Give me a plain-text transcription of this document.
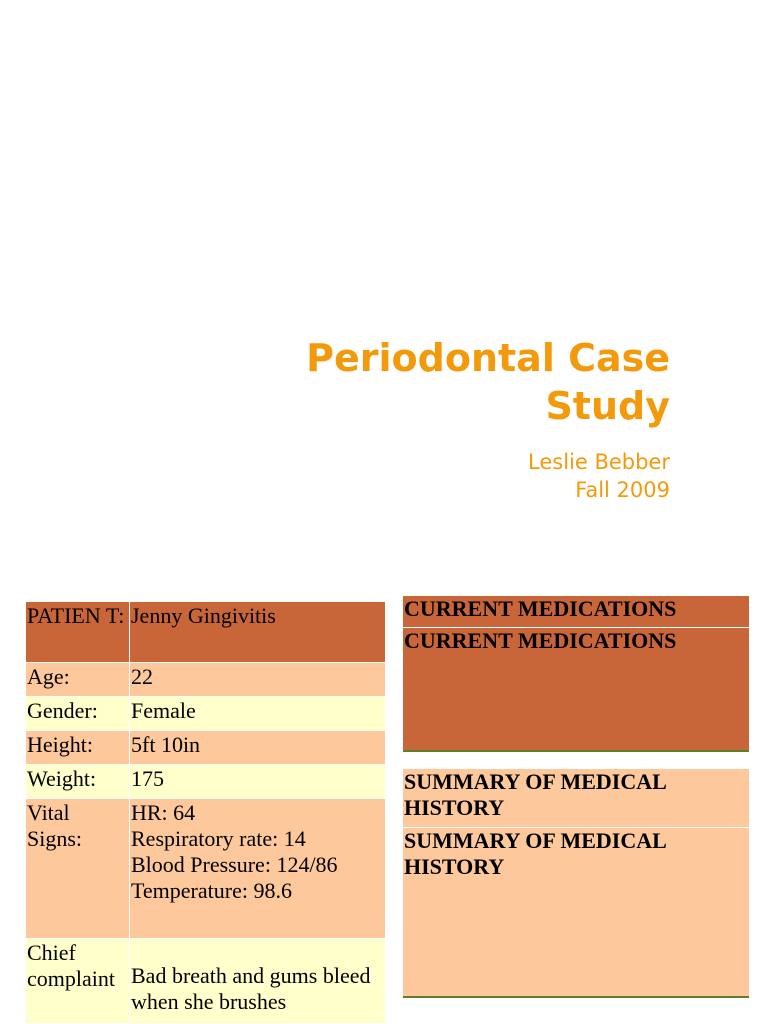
Periodontal Case
Study
Leslie Bebber
Fall 2009
PATIEN T:	Jenny Gingivitis
Age:	22
Gender:	Female
Height:	5ft 10in
Weight:	175
Vital Signs:	HR: 64
Respiratory rate: 14
Blood Pressure: 124/86
Temperature: 98.6

Chief complaint	Bad breath and gums bleed when she brushes
CURRENT MEDICATIONS
CURRENT MEDICATIONS
SUMMARY OF MEDICAL HISTORY
SUMMARY OF MEDICAL HISTORY
